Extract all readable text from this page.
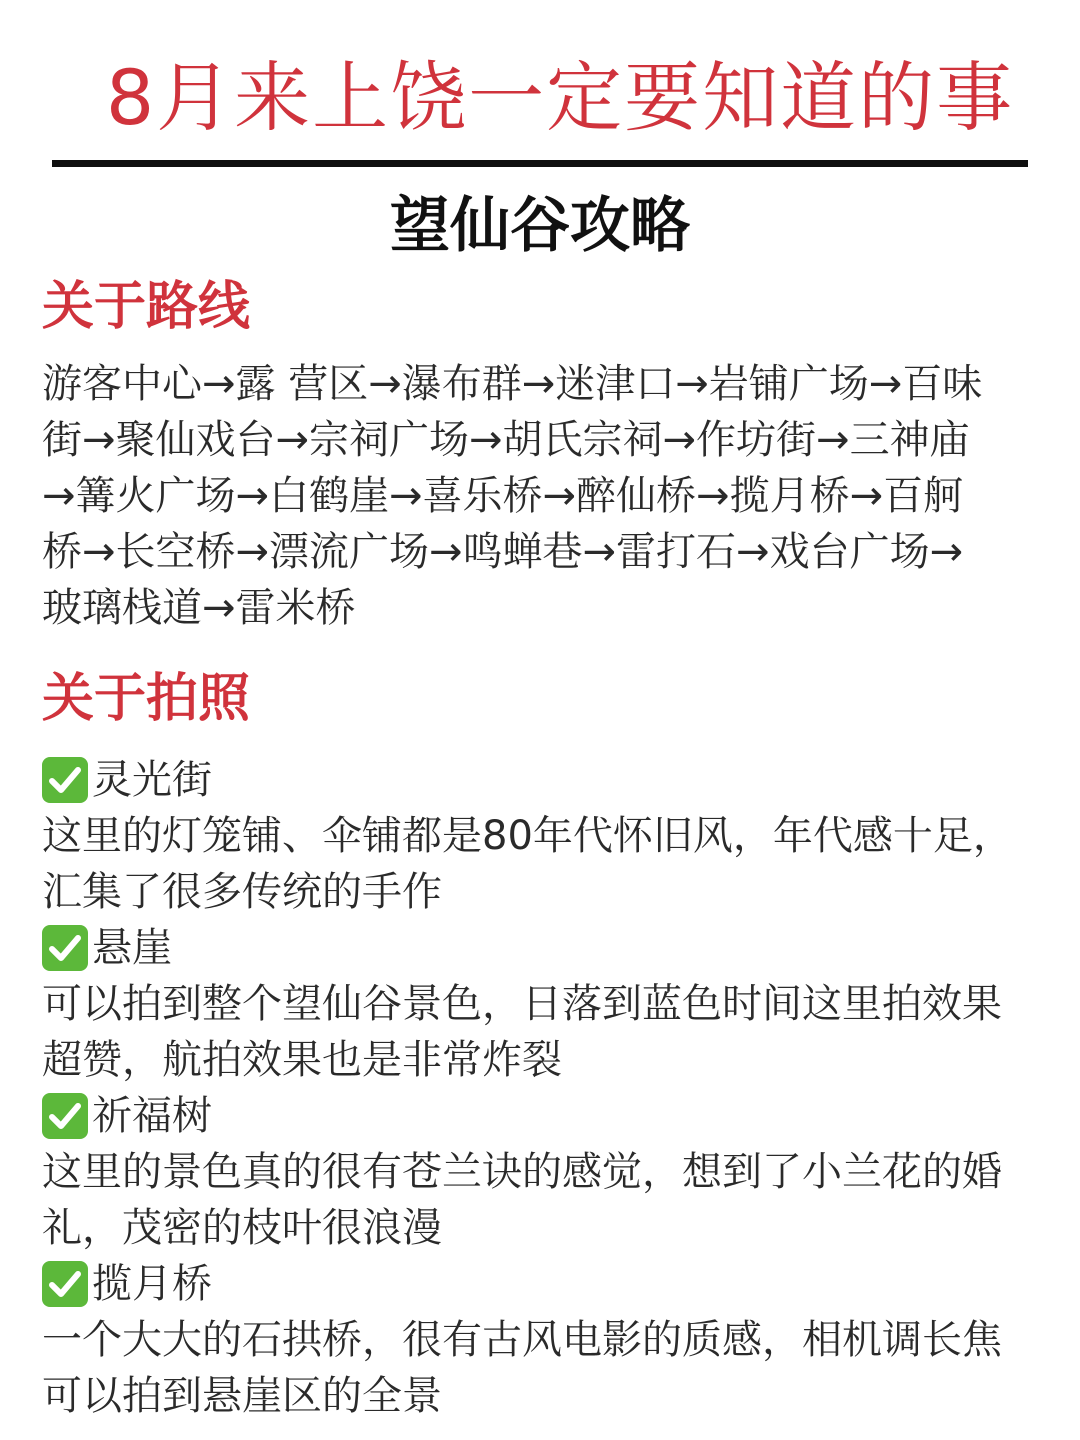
8月来上饶一定要知道的事
望仙谷攻略
关于路线
游客中心→露 营区→瀑布群→迷津口→岩铺广场→百味
街→聚仙戏台→宗祠广场→胡氏宗祠→作坊街→三神庙
→篝火广场→白鹤崖→喜乐桥→醉仙桥→揽月桥→百舸
桥→长空桥→漂流广场→鸣蝉巷→雷打石→戏台广场→
玻璃栈道→雷米桥
关于拍照
灵光街
这里的灯笼铺、伞铺都是80年代怀旧风，年代感十足，
汇集了很多传统的手作
悬崖
可以拍到整个望仙谷景色，日落到蓝色时间这里拍效果
超赞，航拍效果也是非常炸裂
祈福树
这里的景色真的很有苍兰诀的感觉，想到了小兰花的婚
礼，茂密的枝叶很浪漫
揽月桥
一个大大的石拱桥，很有古风电影的质感，相机调长焦
可以拍到悬崖区的全景
